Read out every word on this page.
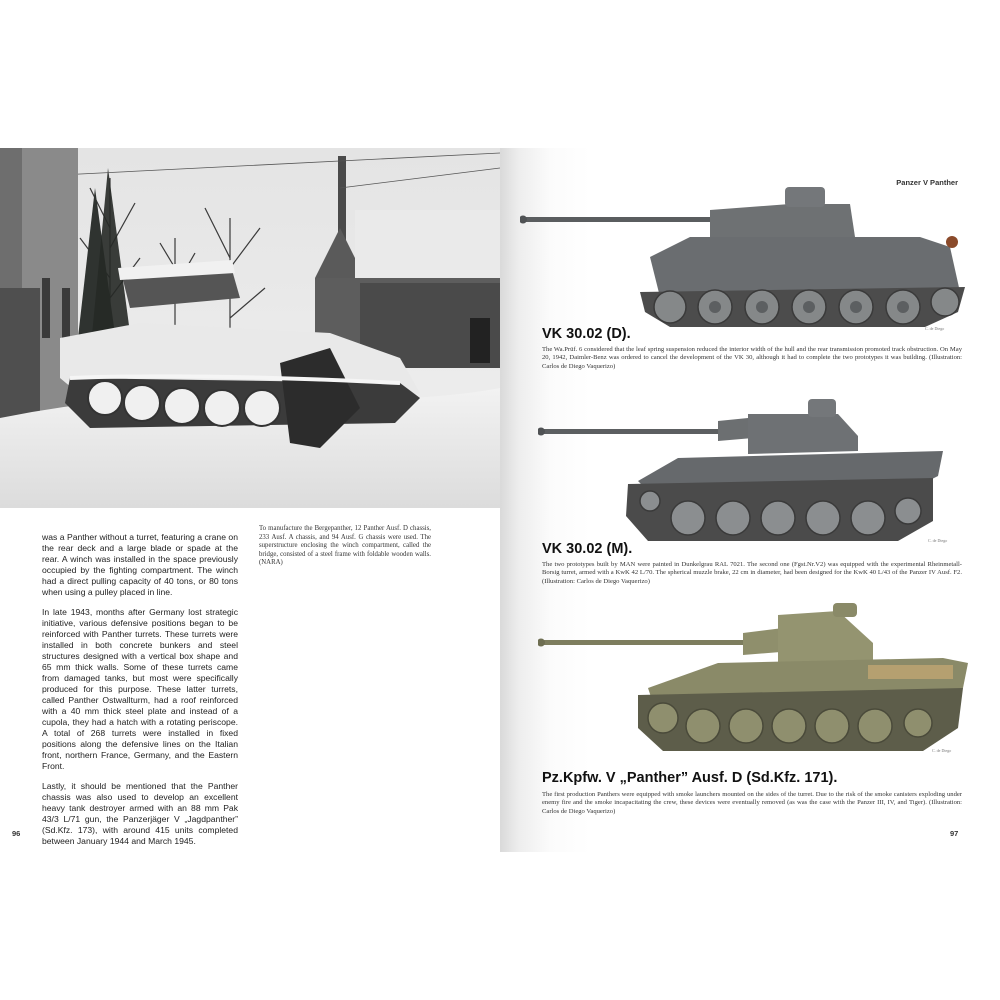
was a Panther without a turret, featuring a crane on the rear deck and a large blade or spade at the rear. A winch was installed in the space previously occupied by the fighting compartment. The winch had a direct pulling capacity of 40 tons, or 80 tons when using a pulley placed in line.

In late 1943, months after Germany lost strategic initiative, various defensive positions began to be reinforced with Panther turrets. These turrets were installed in both concrete bunkers and steel structures designed with a vertical box shape and 65 mm thick walls. Some of these turrets came from damaged tanks, but most were specifically produced for this purpose. These latter turrets, called Panther Ostwallturm, had a roof reinforced with a 40 mm thick steel plate and instead of a cupola, they had a hatch with a rotating periscope. A total of 268 turrets were installed in fixed positions along the defensive lines on the Italian front, northern France, Germany, and the Eastern Front.

Lastly, it should be mentioned that the Panther chassis was also used to develop an excellent heavy tank destroyer armed with an 88 mm Pak 43/3 L/71 gun, the Panzerjäger V „Jagdpanther” (Sd.Kfz. 173), with around 415 units completed between January 1944 and March 1945.

To manufacture the Bergepanther, 12 Panther Ausf. D chassis, 233 Ausf. A chassis, and 94 Ausf. G chassis were used. The superstructure enclosing the winch compartment, called the bridge, consisted of a steel frame with foldable wooden walls. (NARA)
96
Panzer V Panther
C. de Diego
VK 30.02 (D).
The Wa.Prüf. 6 considered that the leaf spring suspension reduced the interior width of the hull and the rear transmission promoted track obstruction. On May 20, 1942, Daimler-Benz was ordered to cancel the development of the VK 30, although it had to complete the two prototypes it was building. (Illustration: Carlos de Diego Vaquerizo)
C. de Diego
VK 30.02 (M).
The two prototypes built by MAN were painted in Dunkelgrau RAL 7021. The second one (Fgst.Nr.V2) was equipped with the experimental Rheinmetall-Borsig turret, armed with a KwK 42 L/70. The spherical muzzle brake, 22 cm in diameter, had been designed for the KwK 40 L/43 of the Panzer IV Ausf. F2. (Illustration: Carlos de Diego Vaquerizo)
C. de Diego
Pz.Kpfw. V „Panther” Ausf. D (Sd.Kfz. 171).
The first production Panthers were equipped with smoke launchers mounted on the sides of the turret. Due to the risk of the smoke canisters exploding under enemy fire and the smoke incapacitating the crew, these devices were eventually removed (as was the case with the Panzer III, IV, and Tiger). (Illustration: Carlos de Diego Vaquerizo)
97
